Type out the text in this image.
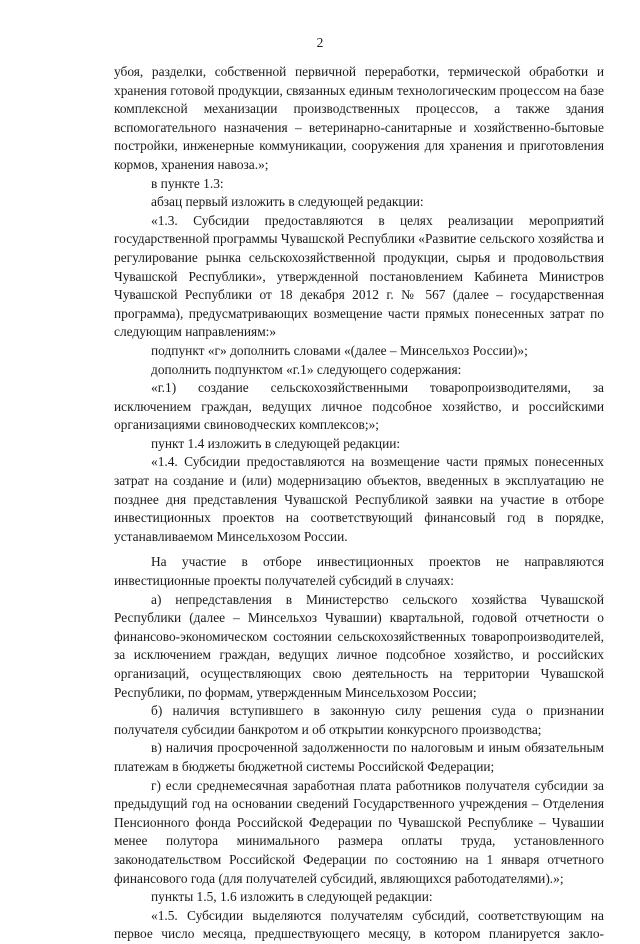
2

убоя, разделки, собственной первичной переработки, термической обработки и хранения готовой продукции, связанных единым технологическим процессом на базе комплексной механизации производственных процессов, а также здания вспомогательного назначения – ветеринарно-санитарные и хозяйственно-бытовые постройки, инженерные коммуникации, сооружения для хранения и приготовления кормов, хранения навоза.»;

в пункте 1.3:

абзац первый изложить в следующей редакции:

«1.3. Субсидии предоставляются в целях реализации мероприятий государственной программы Чувашской Республики «Развитие сельского хозяйства и регулирование рынка сельскохозяйственной продукции, сырья и продовольствия Чувашской Республики», утвержденной постановлением Кабинета Министров Чувашской Республики от 18 декабря 2012 г. № 567 (далее – государственная программа), предусматривающих возмещение части прямых понесенных затрат по следующим направлениям:»

подпункт «г» дополнить словами «(далее – Минсельхоз России)»;

дополнить подпунктом «г.1» следующего содержания:

«г.1) создание сельскохозяйственными товаропроизводителями, за исключением граждан, ведущих личное подсобное хозяйство, и российскими организациями свиноводческих комплексов;»;

пункт 1.4 изложить в следующей редакции:

«1.4. Субсидии предоставляются на возмещение части прямых понесенных затрат на создание и (или) модернизацию объектов, введенных в эксплуатацию не позднее дня представления Чувашской Республикой заявки на участие в отборе инвестиционных проектов на соответствующий финансовый год в порядке, устанавливаемом Минсельхозом России.

На участие в отборе инвестиционных проектов не направляются инвестиционные проекты получателей субсидий в случаях:

а) непредставления в Министерство сельского хозяйства Чувашской Республики (далее – Минсельхоз Чувашии) квартальной, годовой отчетности о финансово-экономическом состоянии сельскохозяйственных товаропроизводителей, за исключением граждан, ведущих личное подсобное хозяйство, и российских организаций, осуществляющих свою деятельность на территории Чувашской Республики, по формам, утвержденным Минсельхозом России;

б) наличия вступившего в законную силу решения суда о признании получателя субсидии банкротом и об открытии конкурсного производства;

в) наличия просроченной задолженности по налоговым и иным обязательным платежам в бюджеты бюджетной системы Российской Федерации;

г) если среднемесячная заработная плата работников получателя субсидии за предыдущий год на основании сведений Государственного учреждения – Отделения Пенсионного фонда Российской Федерации по Чувашской Республике – Чувашии менее полутора минимального размера оплаты труда, установленного законодательством Российской Федерации по состоянию на 1 января отчетного финансового года (для получателей субсидий, являющихся работодателями).»;

пункты 1.5, 1.6 изложить в следующей редакции:

«1.5. Субсидии выделяются получателям субсидий, соответствующим на первое число месяца, предшествующего месяцу, в котором планируется закло-
